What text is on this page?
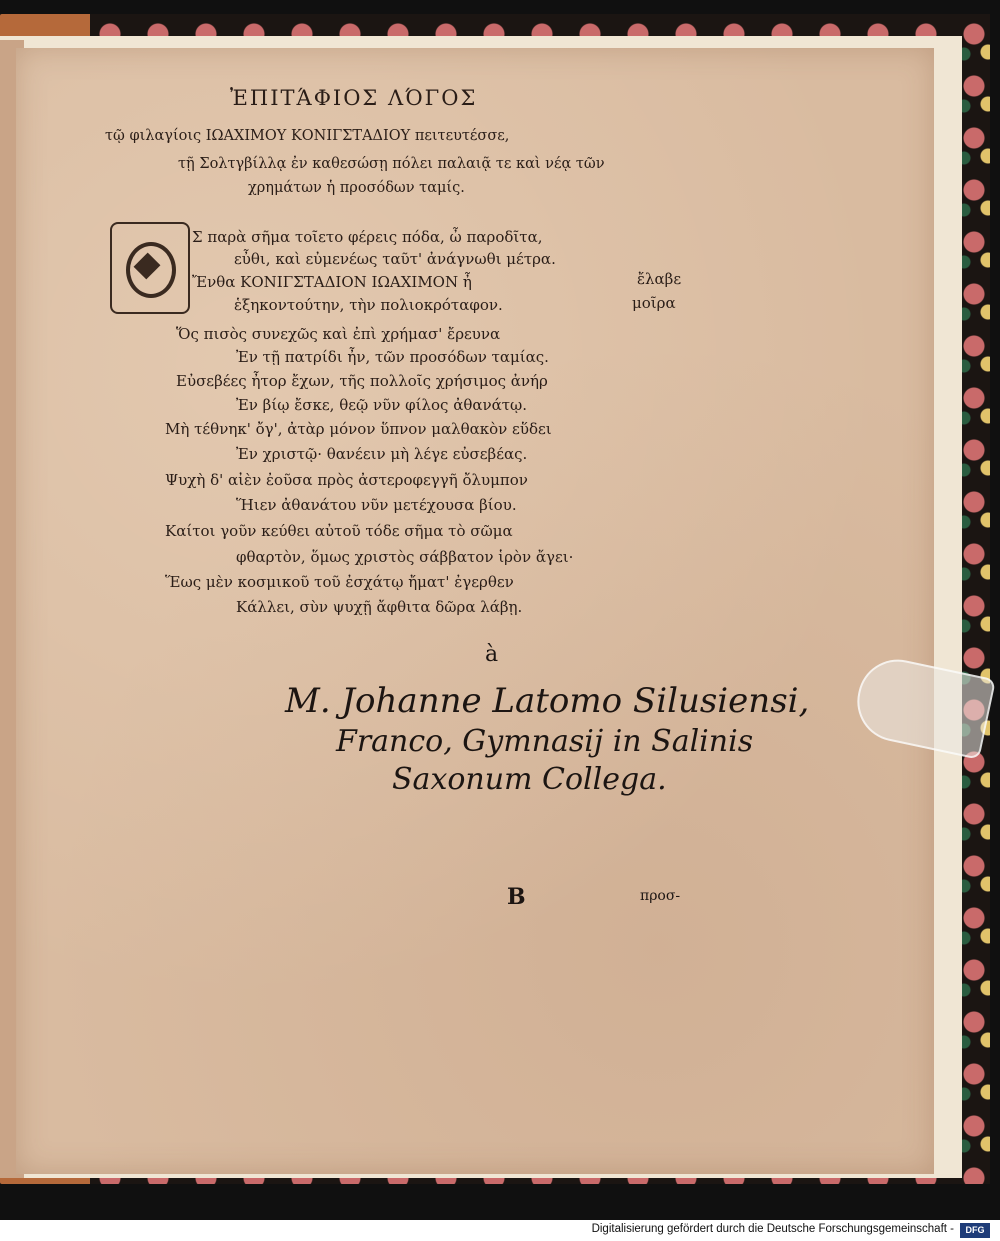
ἘΠΙΤΆΦΙΟΣ ΛΌΓΟΣ
τῷ φιλαγίοις ΙΩΑΧΙΜΟΥ ΚΟΝΙΓΣΤΑΔΙΟΥ πειτευτέσσε,
τῇ Σολτγβίλλᾳ ἐν καθεσώσῃ πόλει παλαιᾷ τε καὶ νέᾳ τῶν
χρημάτων ἡ προσόδων ταμίς.
Σ παρὰ σῆμα τοῖετο φέρεις πόδα, ὦ παροδῖτα,
εὖθι, καὶ εὐμενέως ταῦτ' ἀνάγνωθι μέτρα.
Ἔνθα ΚΟΝΙΓΣΤΑΔΙΟΝ ΙΩΑΧΙΜΟΝ ἦ
ἑξηκοντούτην, τὴν πολιοκρόταφον.
Ὅς πισὸς συνεχῶς καὶ ἐπὶ χρήμασ' ἔρευνα
Ἐν τῇ πατρίδι ἦν, τῶν προσόδων ταμίας.
Εὐσεβέες ἦτορ ἔχων, τῆς πολλοῖς χρήσιμος ἀνήρ
Ἐν βίῳ ἔσκε, θεῷ νῦν φίλος ἀθανάτῳ.
Μὴ τέθνηκ' ὄγ', ἀτὰρ μόνον ὕπνον μαλθακὸν εὕδει
Ἐν χριστῷ· θανέειν μὴ λέγε εὐσεβέας.
Ψυχὴ δ' αἰὲν ἐοῦσα πρὸς ἀστεροφεγγῆ ὄλυμπον
Ἥιεν ἀθανάτου νῦν μετέχουσα βίου.
Καίτοι γοῦν κεύθει αὐτοῦ τόδε σῆμα τὸ σῶμα
φθαρτὸν, ὅμως χριστὸς σάββατον ἱρὸν ἄγει·
Ἕως μὲν κοσμικοῦ τοῦ ἐσχάτῳ ἤματ' ἐγερθεν
Κάλλει, σὺν ψυχῇ ἄφθιτα δῶρα λάβῃ.
ἔλαβε
μοῖρα
à
M. Johanne Latomo Silusiensi,
Franco, Gymnasij in Salinis
Saxonum Collega.
B	προσ-
Digitalisierung gefördert durch die Deutsche Forschungsgemeinschaft -	DFG
